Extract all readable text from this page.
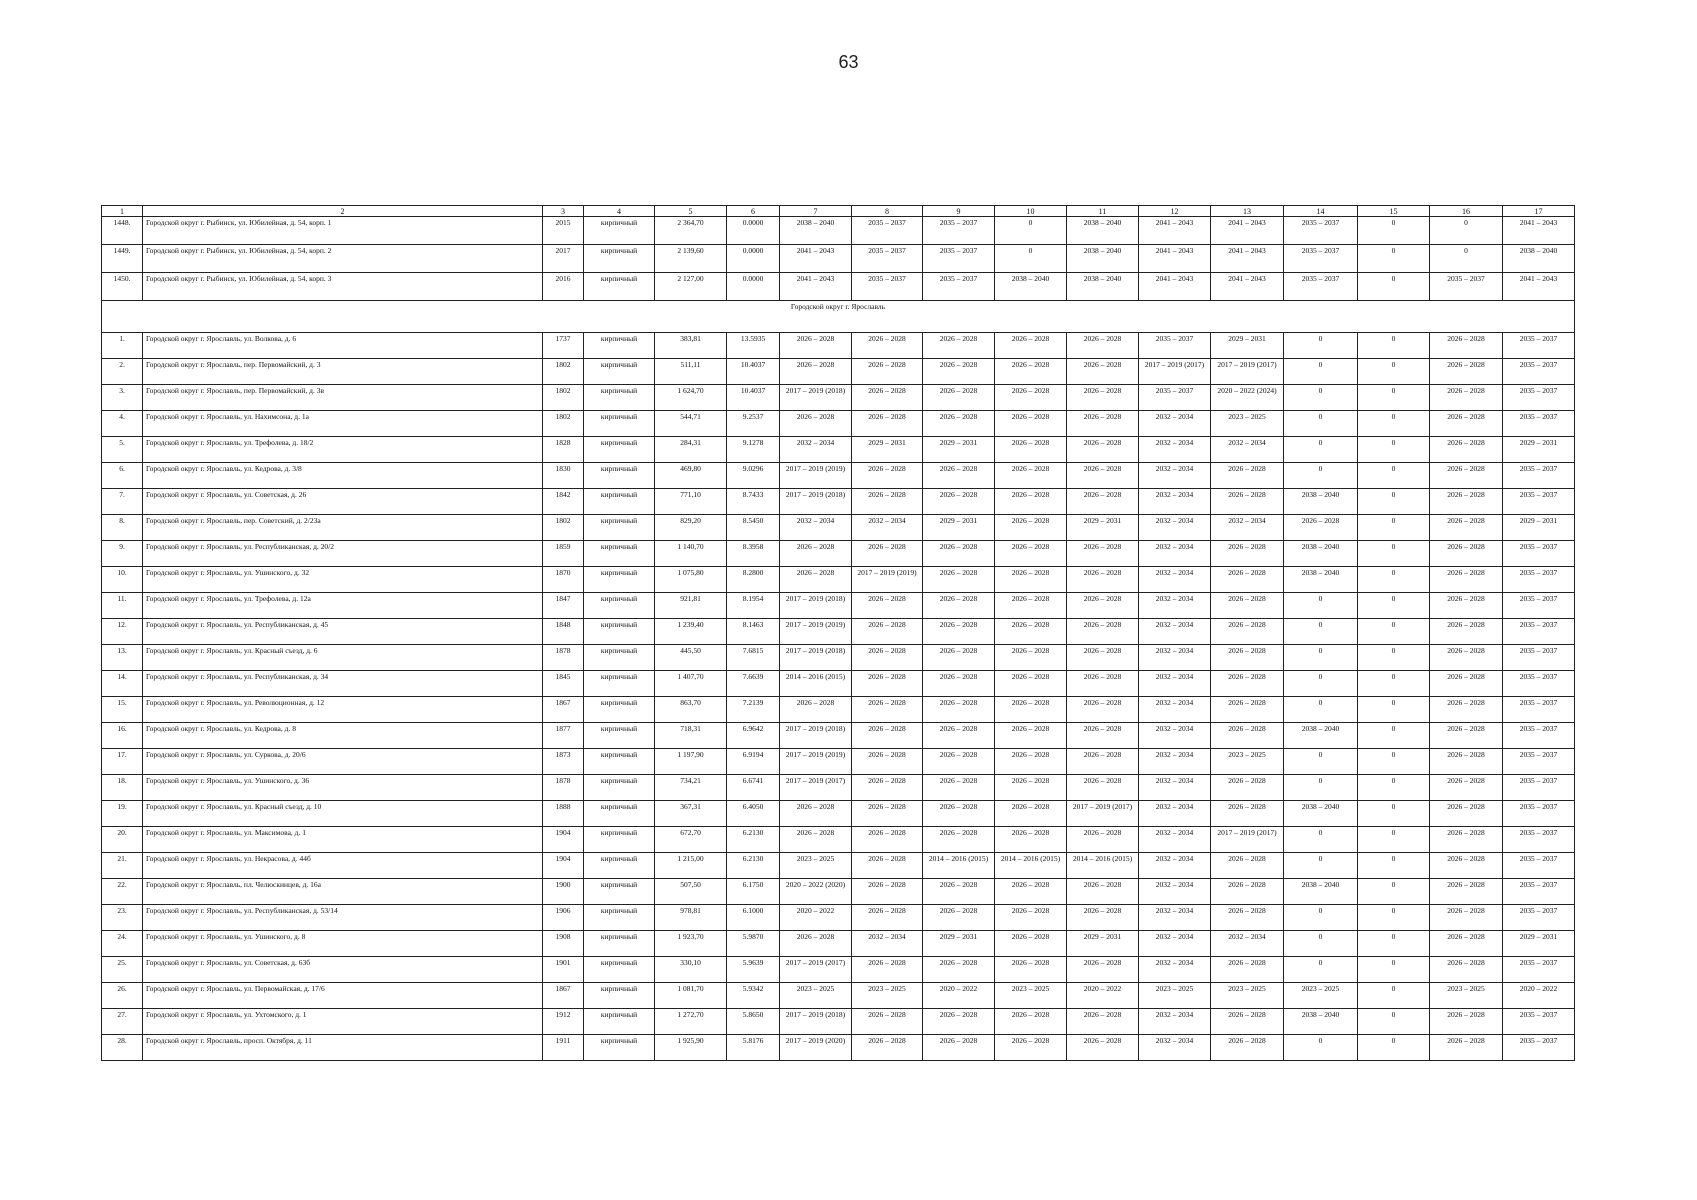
63
1	2	3	4	5	6	7	8	9	10	11	12	13	14	15	16	17
1448.	Городской округ г. Рыбинск, ул. Юбилейная, д. 54, корп. 1	2015	кирпичный	2 364,70	0.0000	2038 – 2040	2035 – 2037	2035 – 2037	0	2038 – 2040	2041 – 2043	2041 – 2043	2035 – 2037	0	0	2041 – 2043
1449.	Городской округ г. Рыбинск, ул. Юбилейная, д. 54, корп. 2	2017	кирпичный	2 139,60	0.0000	2041 – 2043	2035 – 2037	2035 – 2037	0	2038 – 2040	2041 – 2043	2041 – 2043	2035 – 2037	0	0	2038 – 2040
1450.	Городской округ г. Рыбинск, ул. Юбилейная, д. 54, корп. 3	2016	кирпичный	2 127,00	0.0000	2041 – 2043	2035 – 2037	2035 – 2037	2038 – 2040	2038 – 2040	2041 – 2043	2041 – 2043	2035 – 2037	0	2035 – 2037	2041 – 2043
Городской округ г. Ярославль																
1.	Городской округ г. Ярославль, ул. Волкова, д. 6	1737	кирпичный	383,81	13.5935	2026 – 2028	2026 – 2028	2026 – 2028	2026 – 2028	2026 – 2028	2035 – 2037	2029 – 2031	0	0	2026 – 2028	2035 – 2037
2.	Городской округ г. Ярославль, пер. Первомайский, д. 3	1802	кирпичный	511,11	10.4037	2026 – 2028	2026 – 2028	2026 – 2028	2026 – 2028	2026 – 2028	2017 – 2019 (2017)	2017 – 2019 (2017)	0	0	2026 – 2028	2035 – 2037
3.	Городской округ г. Ярославль, пер. Первомайский, д. 3в	1802	кирпичный	1 624,70	10.4037	2017 – 2019 (2018)	2026 – 2028	2026 – 2028	2026 – 2028	2026 – 2028	2035 – 2037	2020 – 2022 (2024)	0	0	2026 – 2028	2035 – 2037
4.	Городской округ г. Ярославль, ул. Нахимсона, д. 1а	1802	кирпичный	544,71	9.2537	2026 – 2028	2026 – 2028	2026 – 2028	2026 – 2028	2026 – 2028	2032 – 2034	2023 – 2025	0	0	2026 – 2028	2035 – 2037
5.	Городской округ г. Ярославль, ул. Трефолева, д. 18/2	1828	кирпичный	284,31	9.1278	2032 – 2034	2029 – 2031	2029 – 2031	2026 – 2028	2026 – 2028	2032 – 2034	2032 – 2034	0	0	2026 – 2028	2029 – 2031
6.	Городской округ г. Ярославль, ул. Кедрова, д. 3/8	1830	кирпичный	469,80	9.0296	2017 – 2019 (2019)	2026 – 2028	2026 – 2028	2026 – 2028	2026 – 2028	2032 – 2034	2026 – 2028	0	0	2026 – 2028	2035 – 2037
7.	Городской округ г. Ярославль, ул. Советская, д. 26	1842	кирпичный	771,10	8.7433	2017 – 2019 (2018)	2026 – 2028	2026 – 2028	2026 – 2028	2026 – 2028	2032 – 2034	2026 – 2028	2038 – 2040	0	2026 – 2028	2035 – 2037
8.	Городской округ г. Ярославль, пер. Советский, д. 2/23а	1802	кирпичный	829,20	8.5450	2032 – 2034	2032 – 2034	2029 – 2031	2026 – 2028	2029 – 2031	2032 – 2034	2032 – 2034	2026 – 2028	0	2026 – 2028	2029 – 2031
9.	Городской округ г. Ярославль, ул. Республиканская, д. 20/2	1859	кирпичный	1 140,70	8.3958	2026 – 2028	2026 – 2028	2026 – 2028	2026 – 2028	2026 – 2028	2032 – 2034	2026 – 2028	2038 – 2040	0	2026 – 2028	2035 – 2037
10.	Городской округ г. Ярославль, ул. Ушинского, д. 32	1870	кирпичный	1 075,80	8.2800	2026 – 2028	2017 – 2019 (2019)	2026 – 2028	2026 – 2028	2026 – 2028	2032 – 2034	2026 – 2028	2038 – 2040	0	2026 – 2028	2035 – 2037
11.	Городской округ г. Ярославль, ул. Трефолева, д. 12а	1847	кирпичный	921,81	8.1954	2017 – 2019 (2018)	2026 – 2028	2026 – 2028	2026 – 2028	2026 – 2028	2032 – 2034	2026 – 2028	0	0	2026 – 2028	2035 – 2037
12.	Городской округ г. Ярославль, ул. Республиканская, д. 45	1848	кирпичный	1 239,40	8.1463	2017 – 2019 (2019)	2026 – 2028	2026 – 2028	2026 – 2028	2026 – 2028	2032 – 2034	2026 – 2028	0	0	2026 – 2028	2035 – 2037
13.	Городской округ г. Ярославль, ул. Красный съезд, д. 6	1878	кирпичный	445,50	7.6815	2017 – 2019 (2018)	2026 – 2028	2026 – 2028	2026 – 2028	2026 – 2028	2032 – 2034	2026 – 2028	0	0	2026 – 2028	2035 – 2037
14.	Городской округ г. Ярославль, ул. Республиканская, д. 34	1845	кирпичный	1 407,70	7.6639	2014 – 2016 (2015)	2026 – 2028	2026 – 2028	2026 – 2028	2026 – 2028	2032 – 2034	2026 – 2028	0	0	2026 – 2028	2035 – 2037
15.	Городской округ г. Ярославль, ул. Революционная, д. 12	1867	кирпичный	863,70	7.2139	2026 – 2028	2026 – 2028	2026 – 2028	2026 – 2028	2026 – 2028	2032 – 2034	2026 – 2028	0	0	2026 – 2028	2035 – 2037
16.	Городской округ г. Ярославль, ул. Кедрова, д. 8	1877	кирпичный	718,31	6.9642	2017 – 2019 (2018)	2026 – 2028	2026 – 2028	2026 – 2028	2026 – 2028	2032 – 2034	2026 – 2028	2038 – 2040	0	2026 – 2028	2035 – 2037
17.	Городской округ г. Ярославль, ул. Суркова, д. 20/6	1873	кирпичный	1 197,90	6.9194	2017 – 2019 (2019)	2026 – 2028	2026 – 2028	2026 – 2028	2026 – 2028	2032 – 2034	2023 – 2025	0	0	2026 – 2028	2035 – 2037
18.	Городской округ г. Ярославль, ул. Ушинского, д. 36	1878	кирпичный	734,21	6.6741	2017 – 2019 (2017)	2026 – 2028	2026 – 2028	2026 – 2028	2026 – 2028	2032 – 2034	2026 – 2028	0	0	2026 – 2028	2035 – 2037
19.	Городской округ г. Ярославль, ул. Красный съезд, д. 10	1888	кирпичный	367,31	6.4050	2026 – 2028	2026 – 2028	2026 – 2028	2026 – 2028	2017 – 2019 (2017)	2032 – 2034	2026 – 2028	2038 – 2040	0	2026 – 2028	2035 – 2037
20.	Городской округ г. Ярославль, ул. Максимова, д. 1	1904	кирпичный	672,70	6.2130	2026 – 2028	2026 – 2028	2026 – 2028	2026 – 2028	2026 – 2028	2032 – 2034	2017 – 2019 (2017)	0	0	2026 – 2028	2035 – 2037
21.	Городской округ г. Ярославль, ул. Некрасова, д. 44б	1904	кирпичный	1 215,00	6.2130	2023 – 2025	2026 – 2028	2014 – 2016 (2015)	2014 – 2016 (2015)	2014 – 2016 (2015)	2032 – 2034	2026 – 2028	0	0	2026 – 2028	2035 – 2037
22.	Городской округ г. Ярославль, пл. Челюскинцев, д. 16а	1900	кирпичный	507,50	6.1750	2020 – 2022 (2020)	2026 – 2028	2026 – 2028	2026 – 2028	2026 – 2028	2032 – 2034	2026 – 2028	2038 – 2040	0	2026 – 2028	2035 – 2037
23.	Городской округ г. Ярославль, ул. Республиканская, д. 53/14	1906	кирпичный	978,81	6.1000	2020 – 2022	2026 – 2028	2026 – 2028	2026 – 2028	2026 – 2028	2032 – 2034	2026 – 2028	0	0	2026 – 2028	2035 – 2037
24.	Городской округ г. Ярославль, ул. Ушинского, д. 8	1908	кирпичный	1 923,70	5.9870	2026 – 2028	2032 – 2034	2029 – 2031	2026 – 2028	2029 – 2031	2032 – 2034	2032 – 2034	0	0	2026 – 2028	2029 – 2031
25.	Городской округ г. Ярославль, ул. Советская, д. 63б	1901	кирпичный	330,10	5.9639	2017 – 2019 (2017)	2026 – 2028	2026 – 2028	2026 – 2028	2026 – 2028	2032 – 2034	2026 – 2028	0	0	2026 – 2028	2035 – 2037
26.	Городской округ г. Ярославль, ул. Первомайская, д. 17/6	1867	кирпичный	1 081,70	5.9342	2023 – 2025	2023 – 2025	2020 – 2022	2023 – 2025	2020 – 2022	2023 – 2025	2023 – 2025	2023 – 2025	0	2023 – 2025	2020 – 2022
27.	Городской округ г. Ярославль, ул. Ухтомского, д. 1	1912	кирпичный	1 272,70	5.8650	2017 – 2019 (2018)	2026 – 2028	2026 – 2028	2026 – 2028	2026 – 2028	2032 – 2034	2026 – 2028	2038 – 2040	0	2026 – 2028	2035 – 2037
28.	Городской округ г. Ярославль, просп. Октября, д. 11	1911	кирпичный	1 925,90	5.8176	2017 – 2019 (2020)	2026 – 2028	2026 – 2028	2026 – 2028	2026 – 2028	2032 – 2034	2026 – 2028	0	0	2026 – 2028	2035 – 2037
